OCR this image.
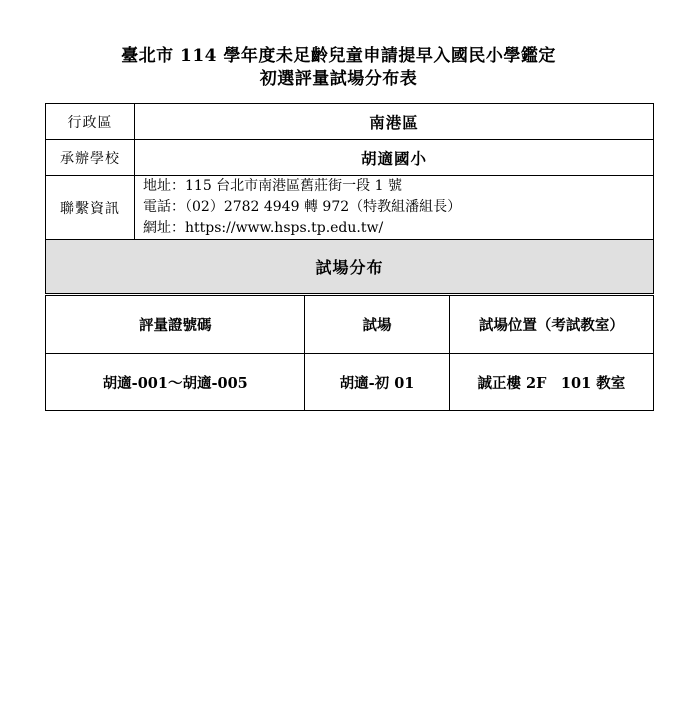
臺北市 114 學年度未足齡兒童申請提早入國民小學鑑定
初選評量試場分布表
行政區	南港區
承辦學校	胡適國小
聯繫資訊	地址：115 台北市南港區舊莊街一段 1 號
電話：（02）2782 4949 轉 972（特教組潘組長）
網址：https://www.hsps.tp.edu.tw/

試場分布	
評量證號碼	試場	試場位置（考試教室）
胡適-001～胡適-005	胡適-初 01	誠正樓 2F　101 教室
